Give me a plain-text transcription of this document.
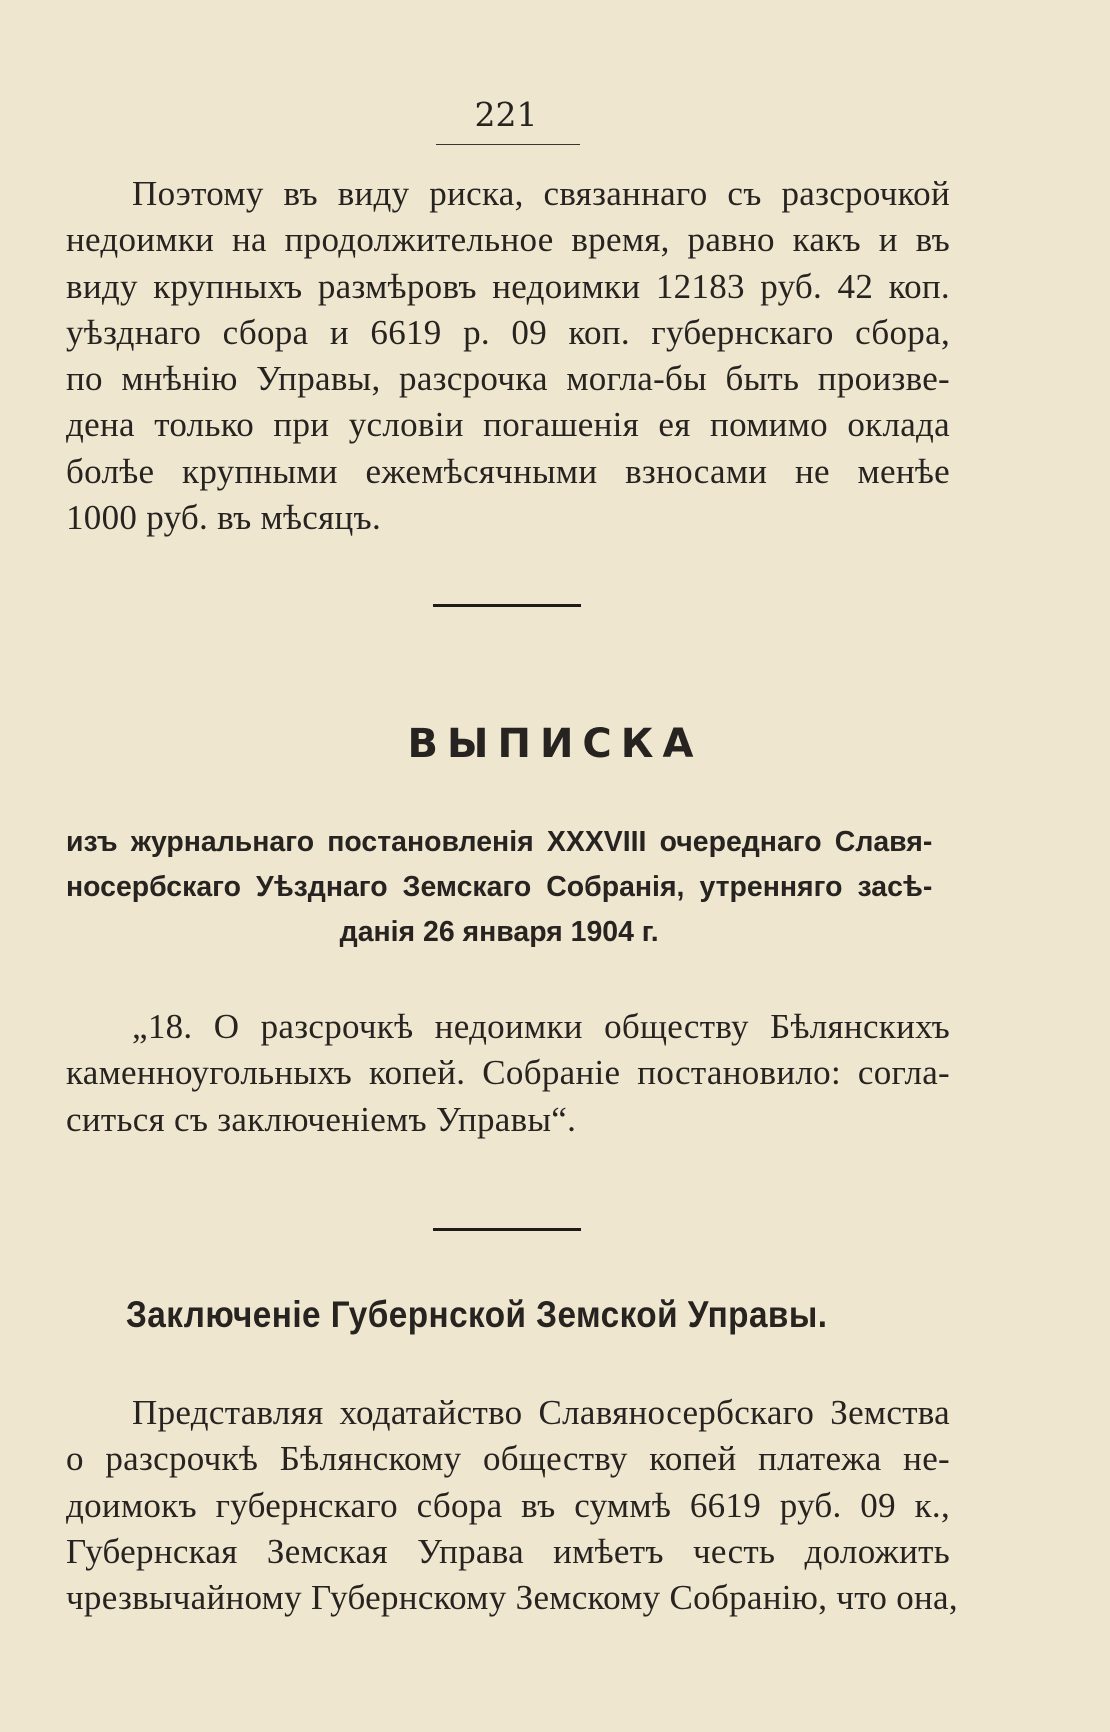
221
Поэтому въ виду риска, связаннаго съ разсрочкой
недоимки на продолжительное время, равно какъ и въ
виду крупныхъ размѣровъ недоимки 12183 руб. 42 коп.
уѣзднаго сбора и 6619 р. 09 коп. губернскаго сбора,
по мнѣнію Управы, разсрочка могла-бы быть произве-
дена только при условіи погашенія ея помимо оклада
болѣе крупными ежемѣсячными взносами не менѣе
1000 руб. въ мѣсяцъ.
ВЫПИСКА
изъ журнальнаго постановленія XXXVIII очереднаго Славя-
носербскаго Уѣзднаго Земскаго Собранія, утренняго засѣ-
данія 26 января 1904 г.
„18. О разсрочкѣ недоимки обществу Бѣлянскихъ
каменноугольныхъ копей. Собраніе постановило: согла-
ситься съ заключеніемъ Управы“.
Заключеніе Губернской Земской Управы.
Представляя ходатайство Славяносербскаго Земства
о разсрочкѣ Бѣлянскому обществу копей платежа не-
доимокъ губернскаго сбора въ суммѣ 6619 руб. 09 к.,
Губернская Земская Управа имѣетъ честь доложить
чрезвычайному Губернскому Земскому Собранію, что она,
